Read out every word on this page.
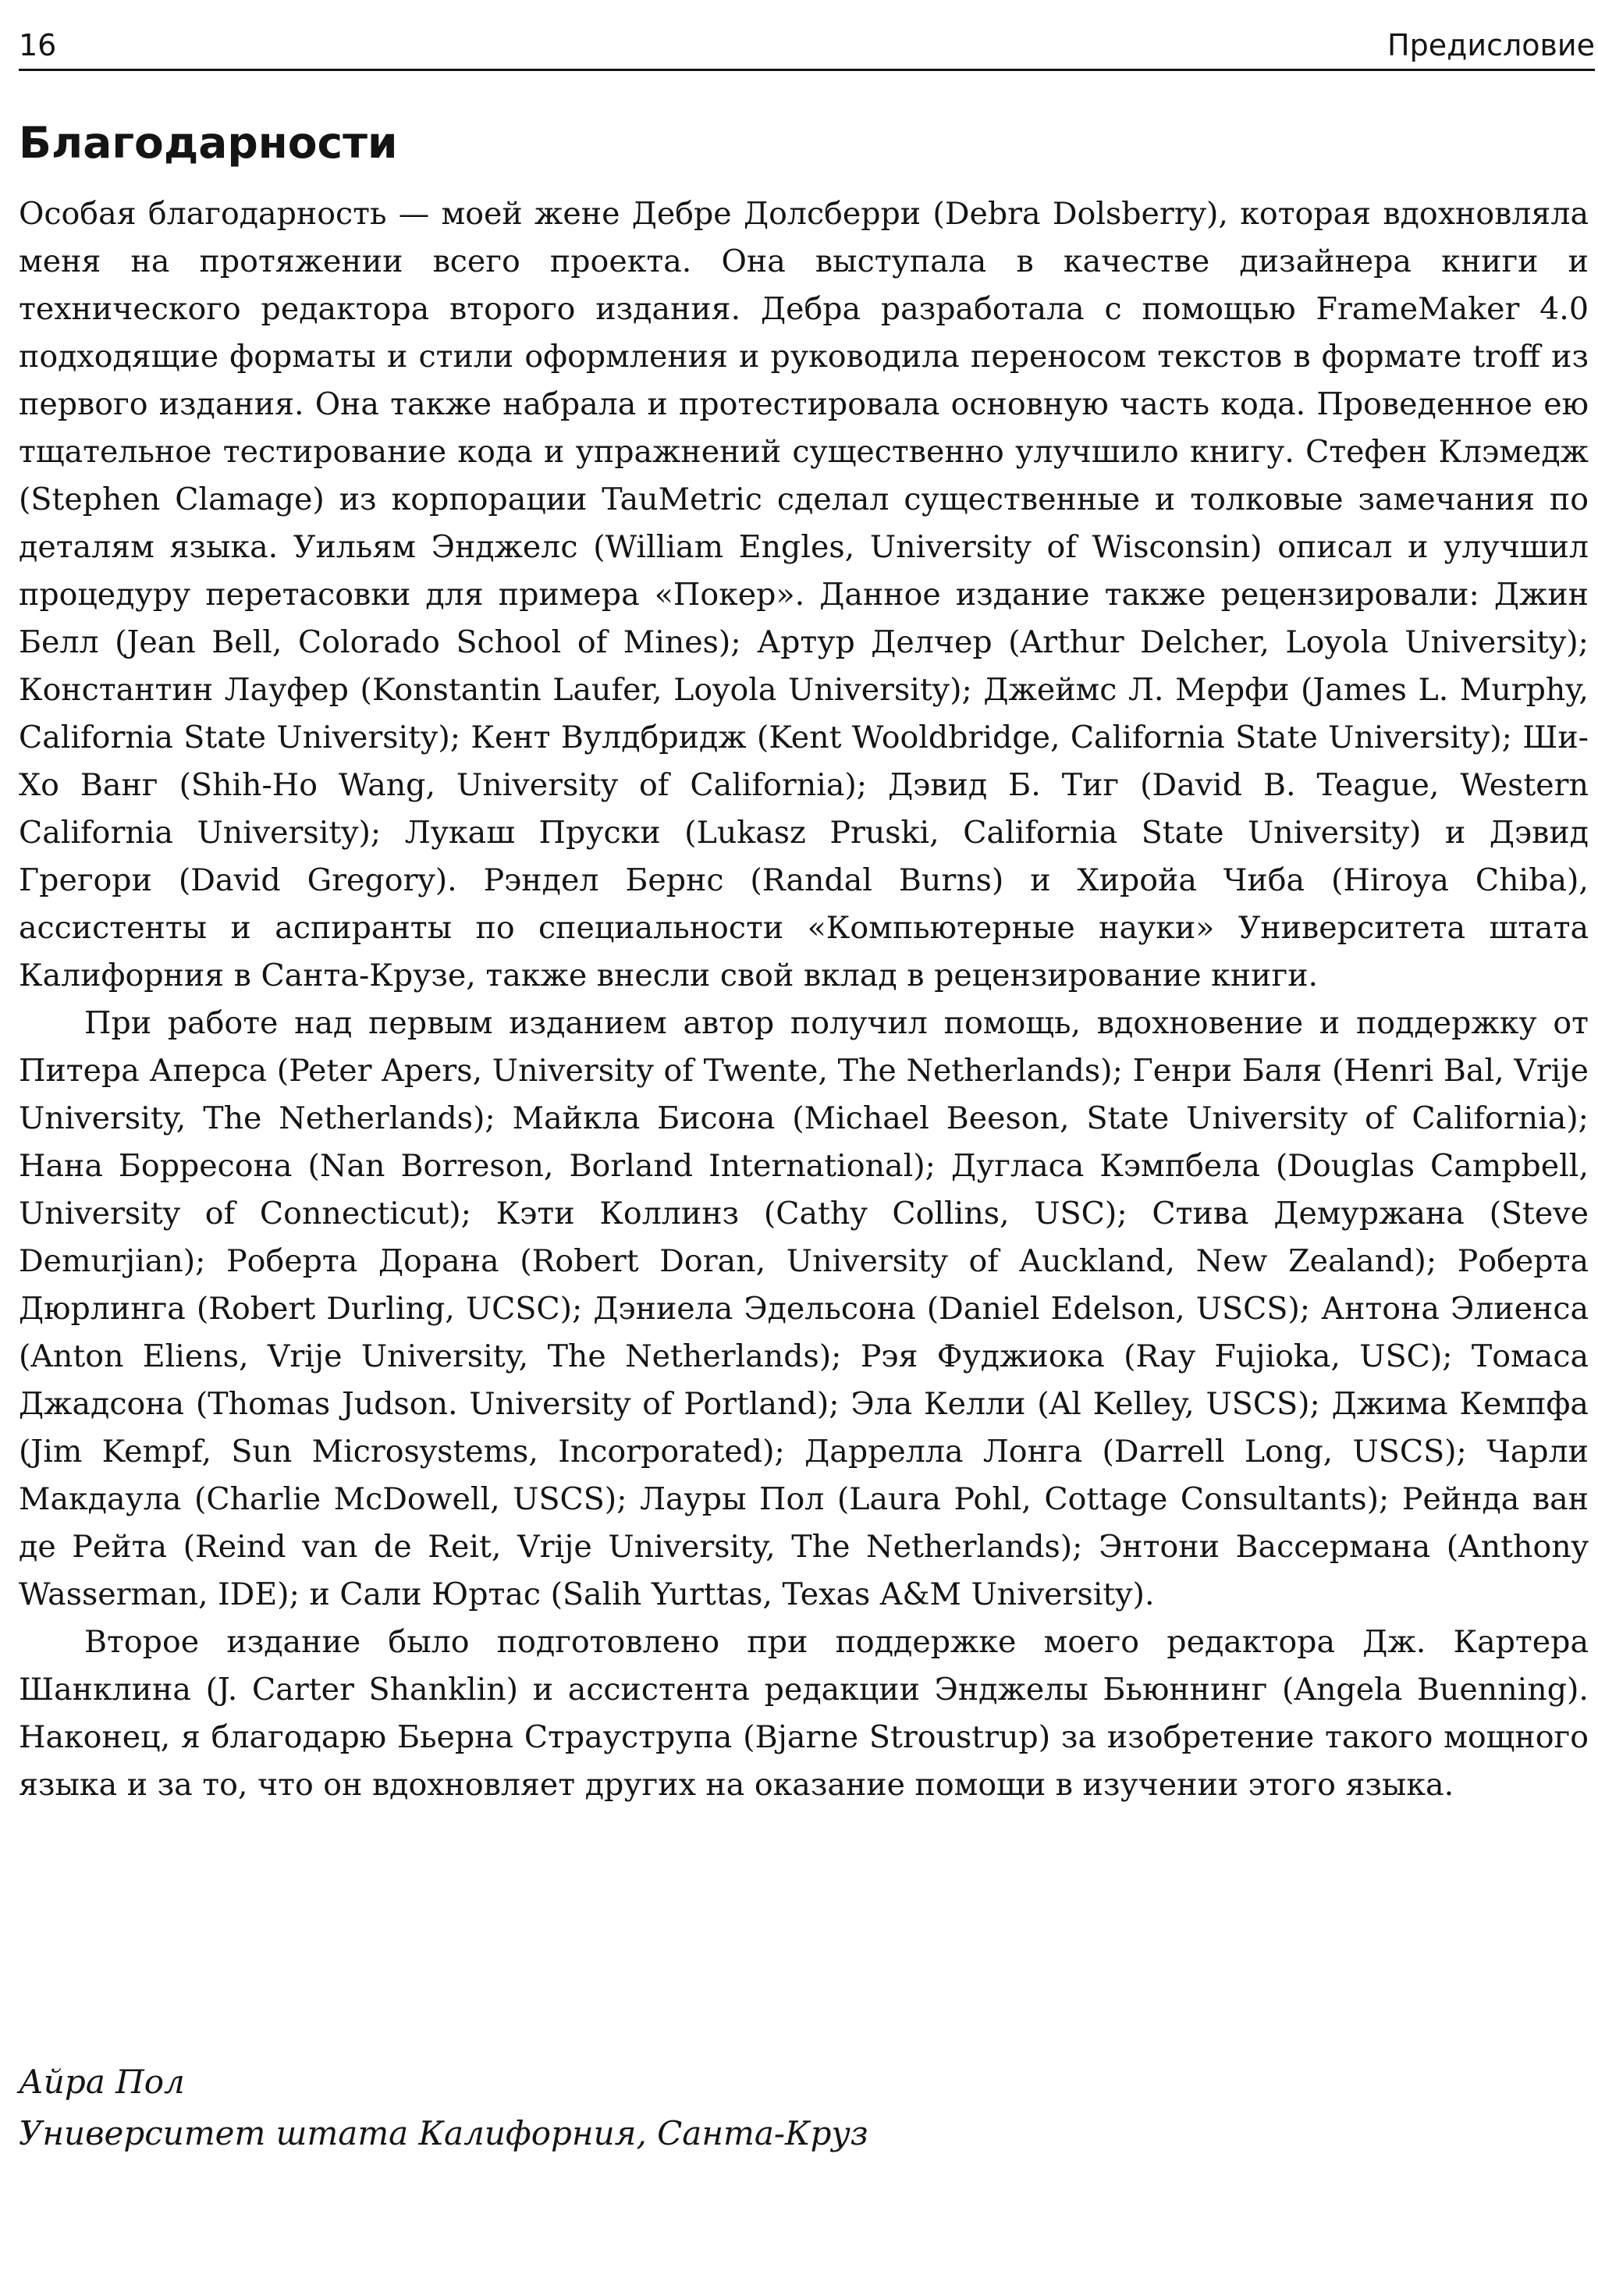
16	Предисловие
Благодарности

Особая благодарность — моей жене Дебре Долсберри (Debra Dolsberry), которая вдохновляла меня на протяжении всего проекта. Она выступала в качестве дизайнера книги и технического редактора второго издания. Дебра разработала с помощью FrameMaker 4.0 подходящие форматы и стили оформления и руководила переносом текстов в формате troff из первого издания. Она также набрала и протестировала основную часть кода. Проведенное ею тщательное тестирование кода и упражнений существенно улучшило книгу. Стефен Клэмедж (Stephen Clamage) из корпорации TauMetric сделал существенные и толковые замечания по деталям языка. Уильям Энджелс (William Engles, University of Wisconsin) описал и улучшил процедуру перетасовки для примера «Покер». Данное издание также рецензировали: Джин Белл (Jean Bell, Colorado School of Mines); Артур Делчер (Arthur Delcher, Loyola University); Константин Лауфер (Konstantin Laufer, Loyola University); Джеймс Л. Мерфи (James L. Murphy, California State University); Кент Вулдбридж (Kent Wooldbridge, California State University); Ши-Хо Ванг (Shih-Ho Wang, University of California); Дэвид Б. Тиг (David B. Teague, Western California University); Лукаш Пруски (Lukasz Pruski, California State University) и Дэвид Грегори (David Gregory). Рэндел Бернс (Randal Burns) и Хиройа Чиба (Hiroya Chiba), ассистенты и аспиранты по специальности «Компьютерные науки» Университета штата Калифорния в Санта-Крузе, также внесли свой вклад в рецензирование книги.

При работе над первым изданием автор получил помощь, вдохновение и поддержку от Питера Аперса (Peter Apers, University of Twente, The Netherlands); Генри Баля (Henri Bal, Vrije University, The Netherlands); Майкла Бисона (Michael Beeson, State University of California); Нана Борресона (Nan Borreson, Borland International); Дугласа Кэмпбела (Douglas Campbell, University of Connecticut); Кэти Коллинз (Cathy Collins, USC); Стива Демуржана (Steve Demurjian); Роберта Дорана (Robert Doran, University of Auckland, New Zealand); Роберта Дюрлинга (Robert Durling, UCSC); Дэниела Эдельсона (Daniel Edelson, USCS); Антона Элиенса (Anton Eliens, Vrije University, The Netherlands); Рэя Фуджиока (Ray Fujioka, USC); Томаса Джадсона (Thomas Judson. University of Portland); Эла Келли (Al Kelley, USCS); Джима Кемпфа (Jim Kempf, Sun Microsystems, Incorporated); Даррелла Лонга (Darrell Long, USCS); Чарли Макдаула (Charlie McDowell, USCS); Лауры Пол (Laura Pohl, Cottage Consultants); Рейнда ван де Рейта (Reind van de Reit, Vrije University, The Netherlands); Энтони Вассермана (Anthony Wasserman, IDE); и Сали Юртас (Salih Yurttas, Texas A&M University).

Второе издание было подготовлено при поддержке моего редактора Дж. Картера Шанклина (J. Carter Shanklin) и ассистента редакции Энджелы Бьюннинг (Angela Buenning). Наконец, я благодарю Бьерна Страуструпа (Bjarne Stroustrup) за изобретение такого мощного языка и за то, что он вдохновляет других на оказание помощи в изучении этого языка.

Айра Пол
Университет штата Калифорния, Санта-Круз
